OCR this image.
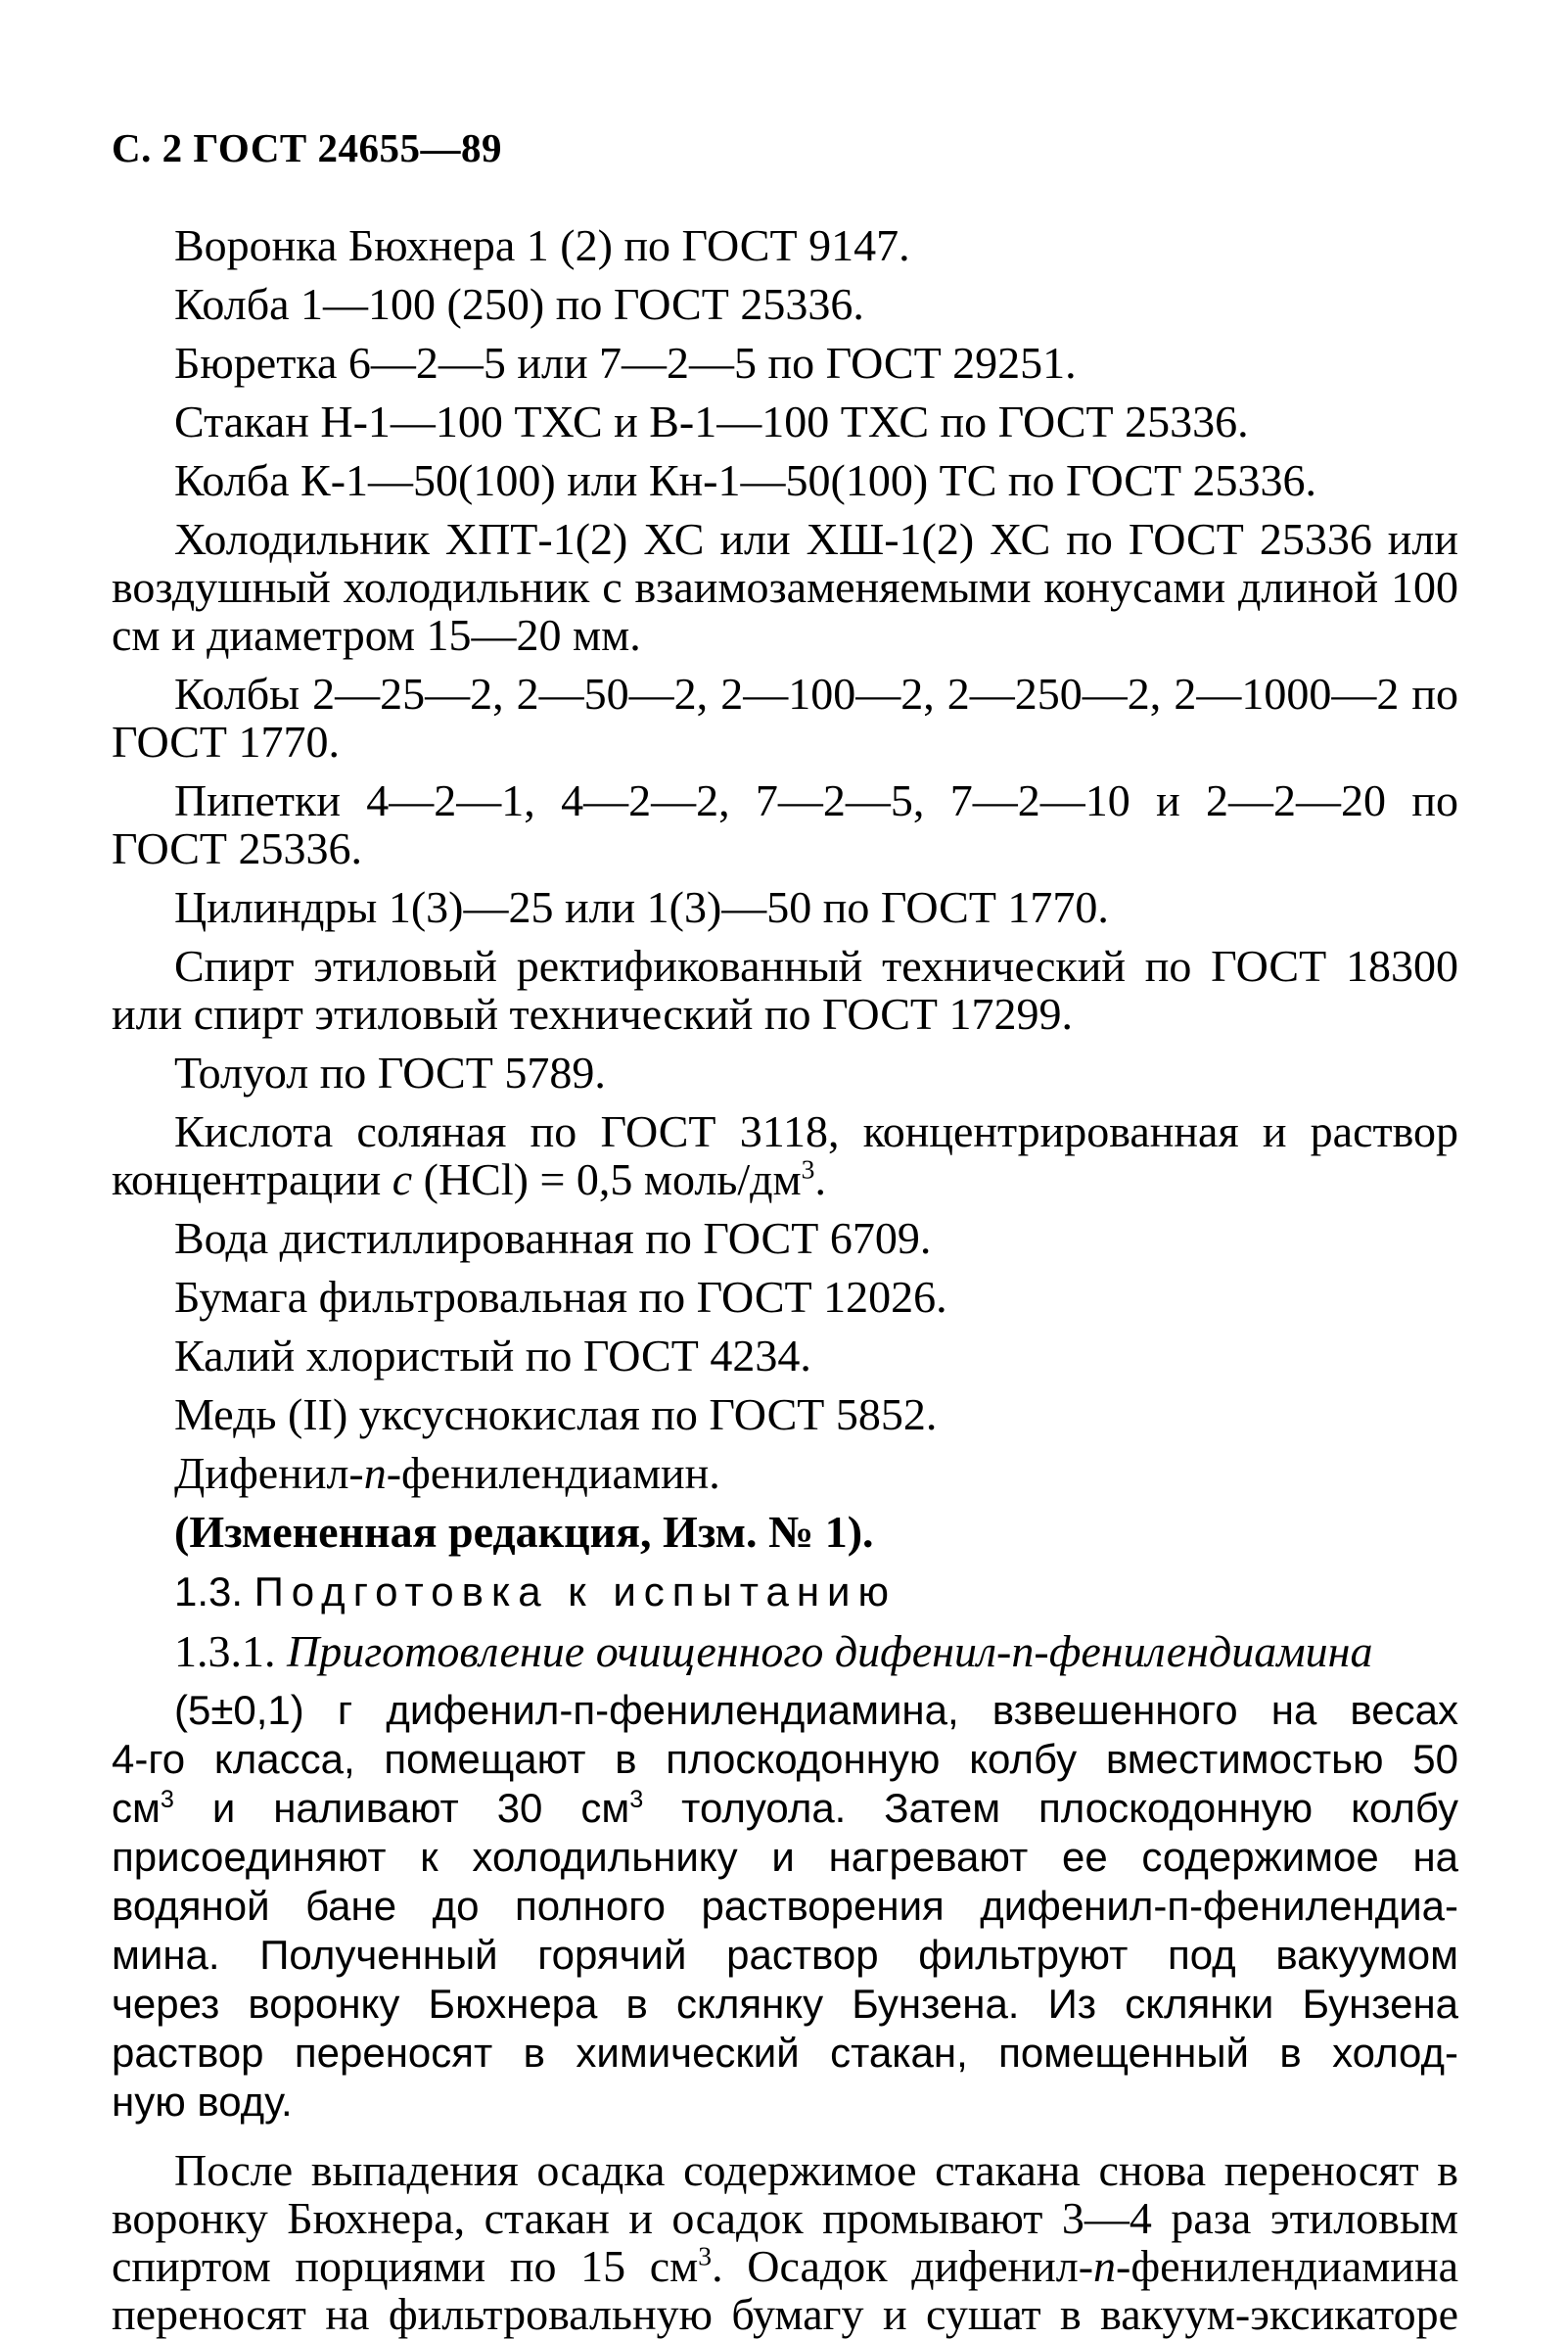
С. 2 ГОСТ 24655—89
Воронка Бюхнера 1 (2) по ГОСТ 9147.
Колба 1—100 (250) по ГОСТ 25336.
Бюретка 6—2—5 или 7—2—5 по ГОСТ 29251.
Стакан Н-1—100 ТХС и В-1—100 ТХС по ГОСТ 25336.
Колба К-1—50(100) или Кн-1—50(100) ТС по ГОСТ 25336.
Холодильник ХПТ-1(2) ХС или ХШ-1(2) ХС по ГОСТ 25336 или
воздушный холодильник с взаимозаменяемыми конусами длиной 100
см и диаметром 15—20 мм.
Колбы 2—25—2, 2—50—2, 2—100—2, 2—250—2, 2—1000—2 по
ГОСТ 1770.
Пипетки 4—2—1, 4—2—2, 7—2—5, 7—2—10 и 2—2—20 по
ГОСТ 25336.
Цилиндры 1(3)—25 или 1(3)—50 по ГОСТ 1770.
Спирт этиловый ректификованный технический по ГОСТ 18300
или спирт этиловый технический по ГОСТ 17299.
Толуол по ГОСТ 5789.
Кислота соляная по ГОСТ 3118, концентрированная и раствор
концентрации c (HCl) = 0,5 моль/$дм^3$.
Вода дистиллированная по ГОСТ 6709.
Бумага фильтровальная по ГОСТ 12026.
Калий хлористый по ГОСТ 4234.
Медь (II) уксуснокислая по ГОСТ 5852.
Дифенил-n-фенилендиамин.
(Измененная редакция, Изм. № 1).
1.3. Подготовка к испытанию
1.3.1. Приготовление очищенного дифенил-п-фенилендиамина
(5±0,1) г дифенил-п-фенилендиамина, взвешенного на весах
4-го класса, помещают в плоскодонную колбу вместимостью 50
$см^3$ и наливают 30 $см^3$ толуола. Затем плоскодонную колбу
присоединяют к холодильнику и нагревают ее содержимое на
водяной бане до полного растворения дифенил-п-фенилендиа-
мина. Полученный горячий раствор фильтруют под вакуумом
через воронку Бюхнера в склянку Бунзена. Из склянки Бунзена
раствор переносят в химический стакан, помещенный в холод-
ную воду.
После выпадения осадка содержимое стакана снова переносят в
воронку Бюхнера, стакан и осадок промывают 3—4 раза этиловым
спиртом порциями по 15 $см^3$. Осадок дифенил-n-фенилендиамина
переносят на фильтровальную бумагу и сушат в вакуум-эксикаторе
